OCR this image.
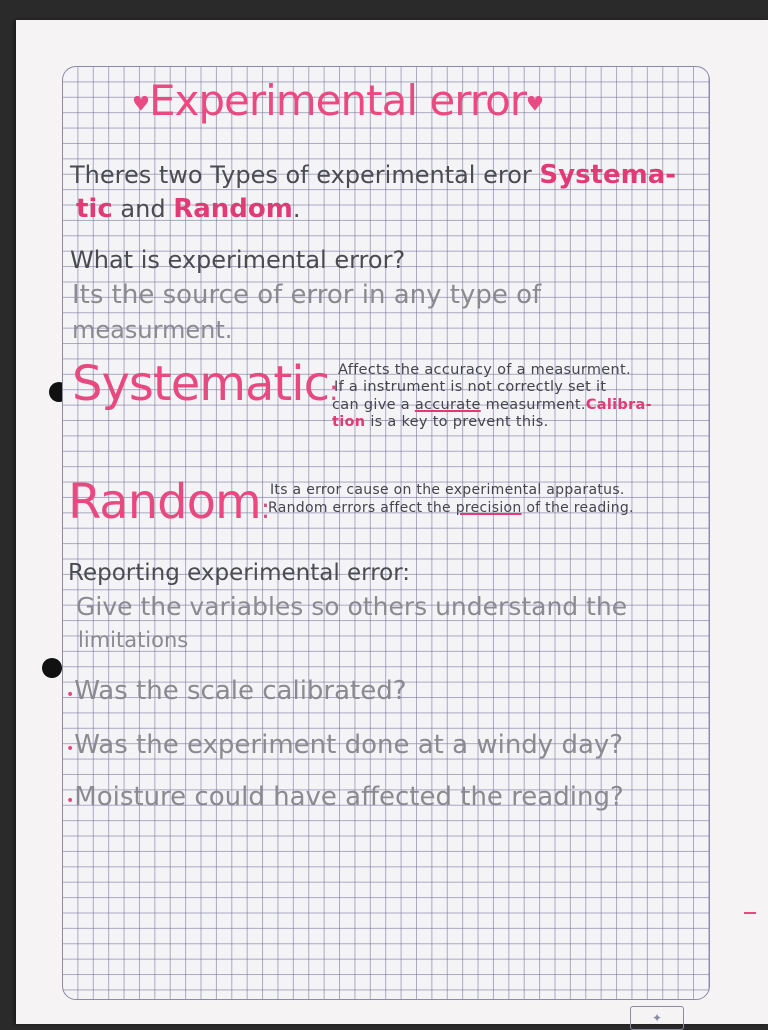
♥Experimental error♥
Theres two Types of experimental eror Systema-
tic and Random.
What is experimental error?
Its the source of error in any type of
measurment.
Systematic:
Affects the accuracy of a measurment.
If a instrument is not correctly set it
can give a accurate measurment.Calibra-
tion is a key to prevent this.
Random:
Its a error cause on the experimental apparatus.
Random errors affect the precision of the reading.
Reporting experimental error:
Give the variables so others understand the
limitations
•Was the scale calibrated?
•Was the experiment done at a windy day?
•Moisture could have affected the reading?
✦
